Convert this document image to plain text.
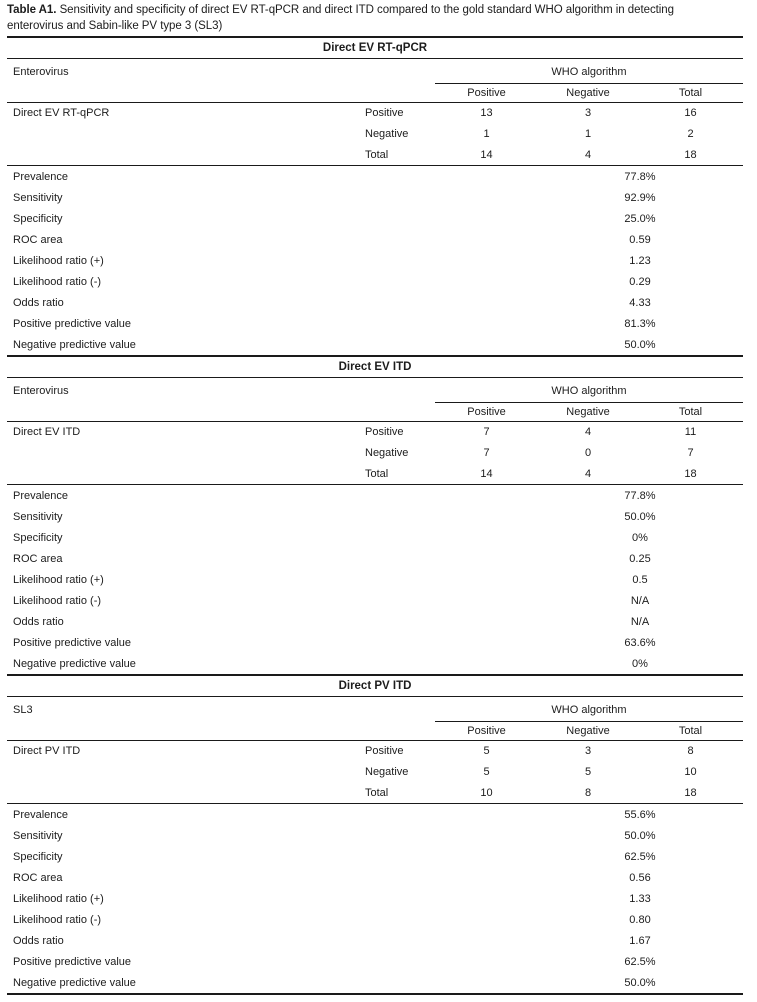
Table A1. Sensitivity and specificity of direct EV RT-qPCR and direct ITD compared to the gold standard WHO algorithm in detecting
enterovirus and Sabin-like PV type 3 (SL3)
Direct EV RT-qPCR
Enterovirus	WHO algorithm
Positive	Negative	Total
Direct EV RT-qPCR	Positive	13	3	16
Negative	1	1	2
Total	14	4	18
Prevalence	77.8%
Sensitivity	92.9%
Specificity	25.0%
ROC area	0.59
Likelihood ratio (+)	1.23
Likelihood ratio (-)	0.29
Odds ratio	4.33
Positive predictive value	81.3%
Negative predictive value	50.0%
Direct EV ITD
Enterovirus	WHO algorithm
Positive	Negative	Total
Direct EV ITD	Positive	7	4	11
Negative	7	0	7
Total	14	4	18
Prevalence	77.8%
Sensitivity	50.0%
Specificity	0%
ROC area	0.25
Likelihood ratio (+)	0.5
Likelihood ratio (-)	N/A
Odds ratio	N/A
Positive predictive value	63.6%
Negative predictive value	0%
Direct PV ITD
SL3	WHO algorithm
Positive	Negative	Total
Direct PV ITD	Positive	5	3	8
Negative	5	5	10
Total	10	8	18
Prevalence	55.6%
Sensitivity	50.0%
Specificity	62.5%
ROC area	0.56
Likelihood ratio (+)	1.33
Likelihood ratio (-)	0.80
Odds ratio	1.67
Positive predictive value	62.5%
Negative predictive value	50.0%
